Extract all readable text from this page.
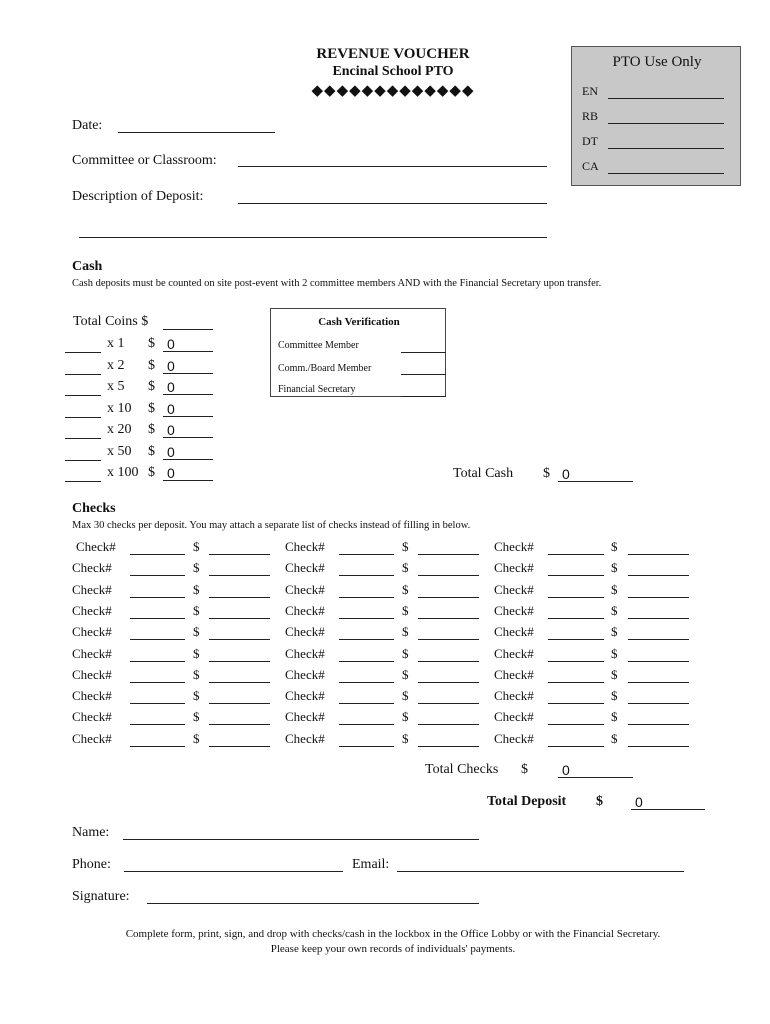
REVENUE VOUCHER
Encinal School PTO
◆◆◆◆◆◆◆◆◆◆◆◆◆
PTO Use Only
EN
RB
DT
CA
Date:
Committee or Classroom:
Description of Deposit:
Cash
Cash deposits must be counted on site post-event with 2 committee members AND with the Financial Secretary upon transfer.
Total Coins $
x 1 $ 0
x 2 $ 0
x 5 $ 0
x 10 $ 0
x 20 $ 0
x 50 $ 0
x 100 $ 0
Cash Verification
Committee Member
Comm./Board Member
Financial Secretary
Total Cash $ 0
Checks
Max 30 checks per deposit. You may attach a separate list of checks instead of filling in below.
Check#	$	Check#	$	Check#	$
Check#	$	Check#	$	Check#	$
Check#	$	Check#	$	Check#	$
Check#	$	Check#	$	Check#	$
Check#	$	Check#	$	Check#	$
Check#	$	Check#	$	Check#	$
Check#	$	Check#	$	Check#	$
Check#	$	Check#	$	Check#	$
Check#	$	Check#	$	Check#	$
Check#	$	Check#	$	Check#	$
Total Checks $ 0
Total Deposit $ 0
Name:
Phone:	Email:
Signature:
Complete form, print, sign, and drop with checks/cash in the lockbox in the Office Lobby or with the Financial Secretary.
Please keep your own records of individuals' payments.
